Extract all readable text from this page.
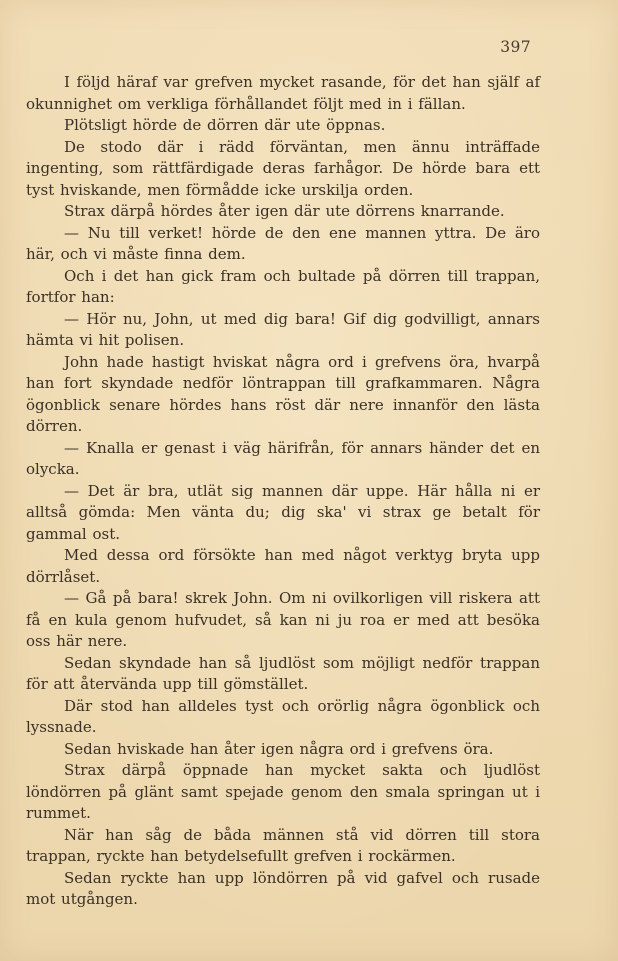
397

I följd häraf var grefven mycket rasande, för det han själf af okunnighet om verkliga förhållandet följt med in i fällan.

Plötsligt hörde de dörren där ute öppnas.

De stodo där i rädd förväntan, men ännu inträffade ingenting, som rättfärdigade deras farhågor. De hörde bara ett tyst hviskande, men förmådde icke urskilja orden.

Strax därpå hördes åter igen där ute dörrens knarrande.

— Nu till verket! hörde de den ene mannen yttra. De äro här, och vi måste finna dem.

Och i det han gick fram och bultade på dörren till trappan, fortfor han:

— Hör nu, John, ut med dig bara! Gif dig godvilligt, annars hämta vi hit polisen.

John hade hastigt hviskat några ord i grefvens öra, hvarpå han fort skyndade nedför löntrappan till grafkammaren. Några ögonblick senare hördes hans röst där nere innanför den lästa dörren.

— Knalla er genast i väg härifrån, för annars händer det en olycka.

— Det är bra, utlät sig mannen där uppe. Här hålla ni er alltså gömda: Men vänta du; dig ska' vi strax ge betalt för gammal ost.

Med dessa ord försökte han med något verktyg bryta upp dörrlåset.

— Gå på bara! skrek John. Om ni ovilkorligen vill riskera att få en kula genom hufvudet, så kan ni ju roa er med att besöka oss här nere.

Sedan skyndade han så ljudlöst som möjligt nedför trappan för att återvända upp till gömstället.

Där stod han alldeles tyst och orörlig några ögonblick och lyssnade.

Sedan hviskade han åter igen några ord i grefvens öra.

Strax därpå öppnade han mycket sakta och ljudlöst löndörren på glänt samt spejade genom den smala springan ut i rummet.

När han såg de båda männen stå vid dörren till stora trappan, ryckte han betydelsefullt grefven i rockärmen.

Sedan ryckte han upp löndörren på vid gafvel och rusade mot utgången.
